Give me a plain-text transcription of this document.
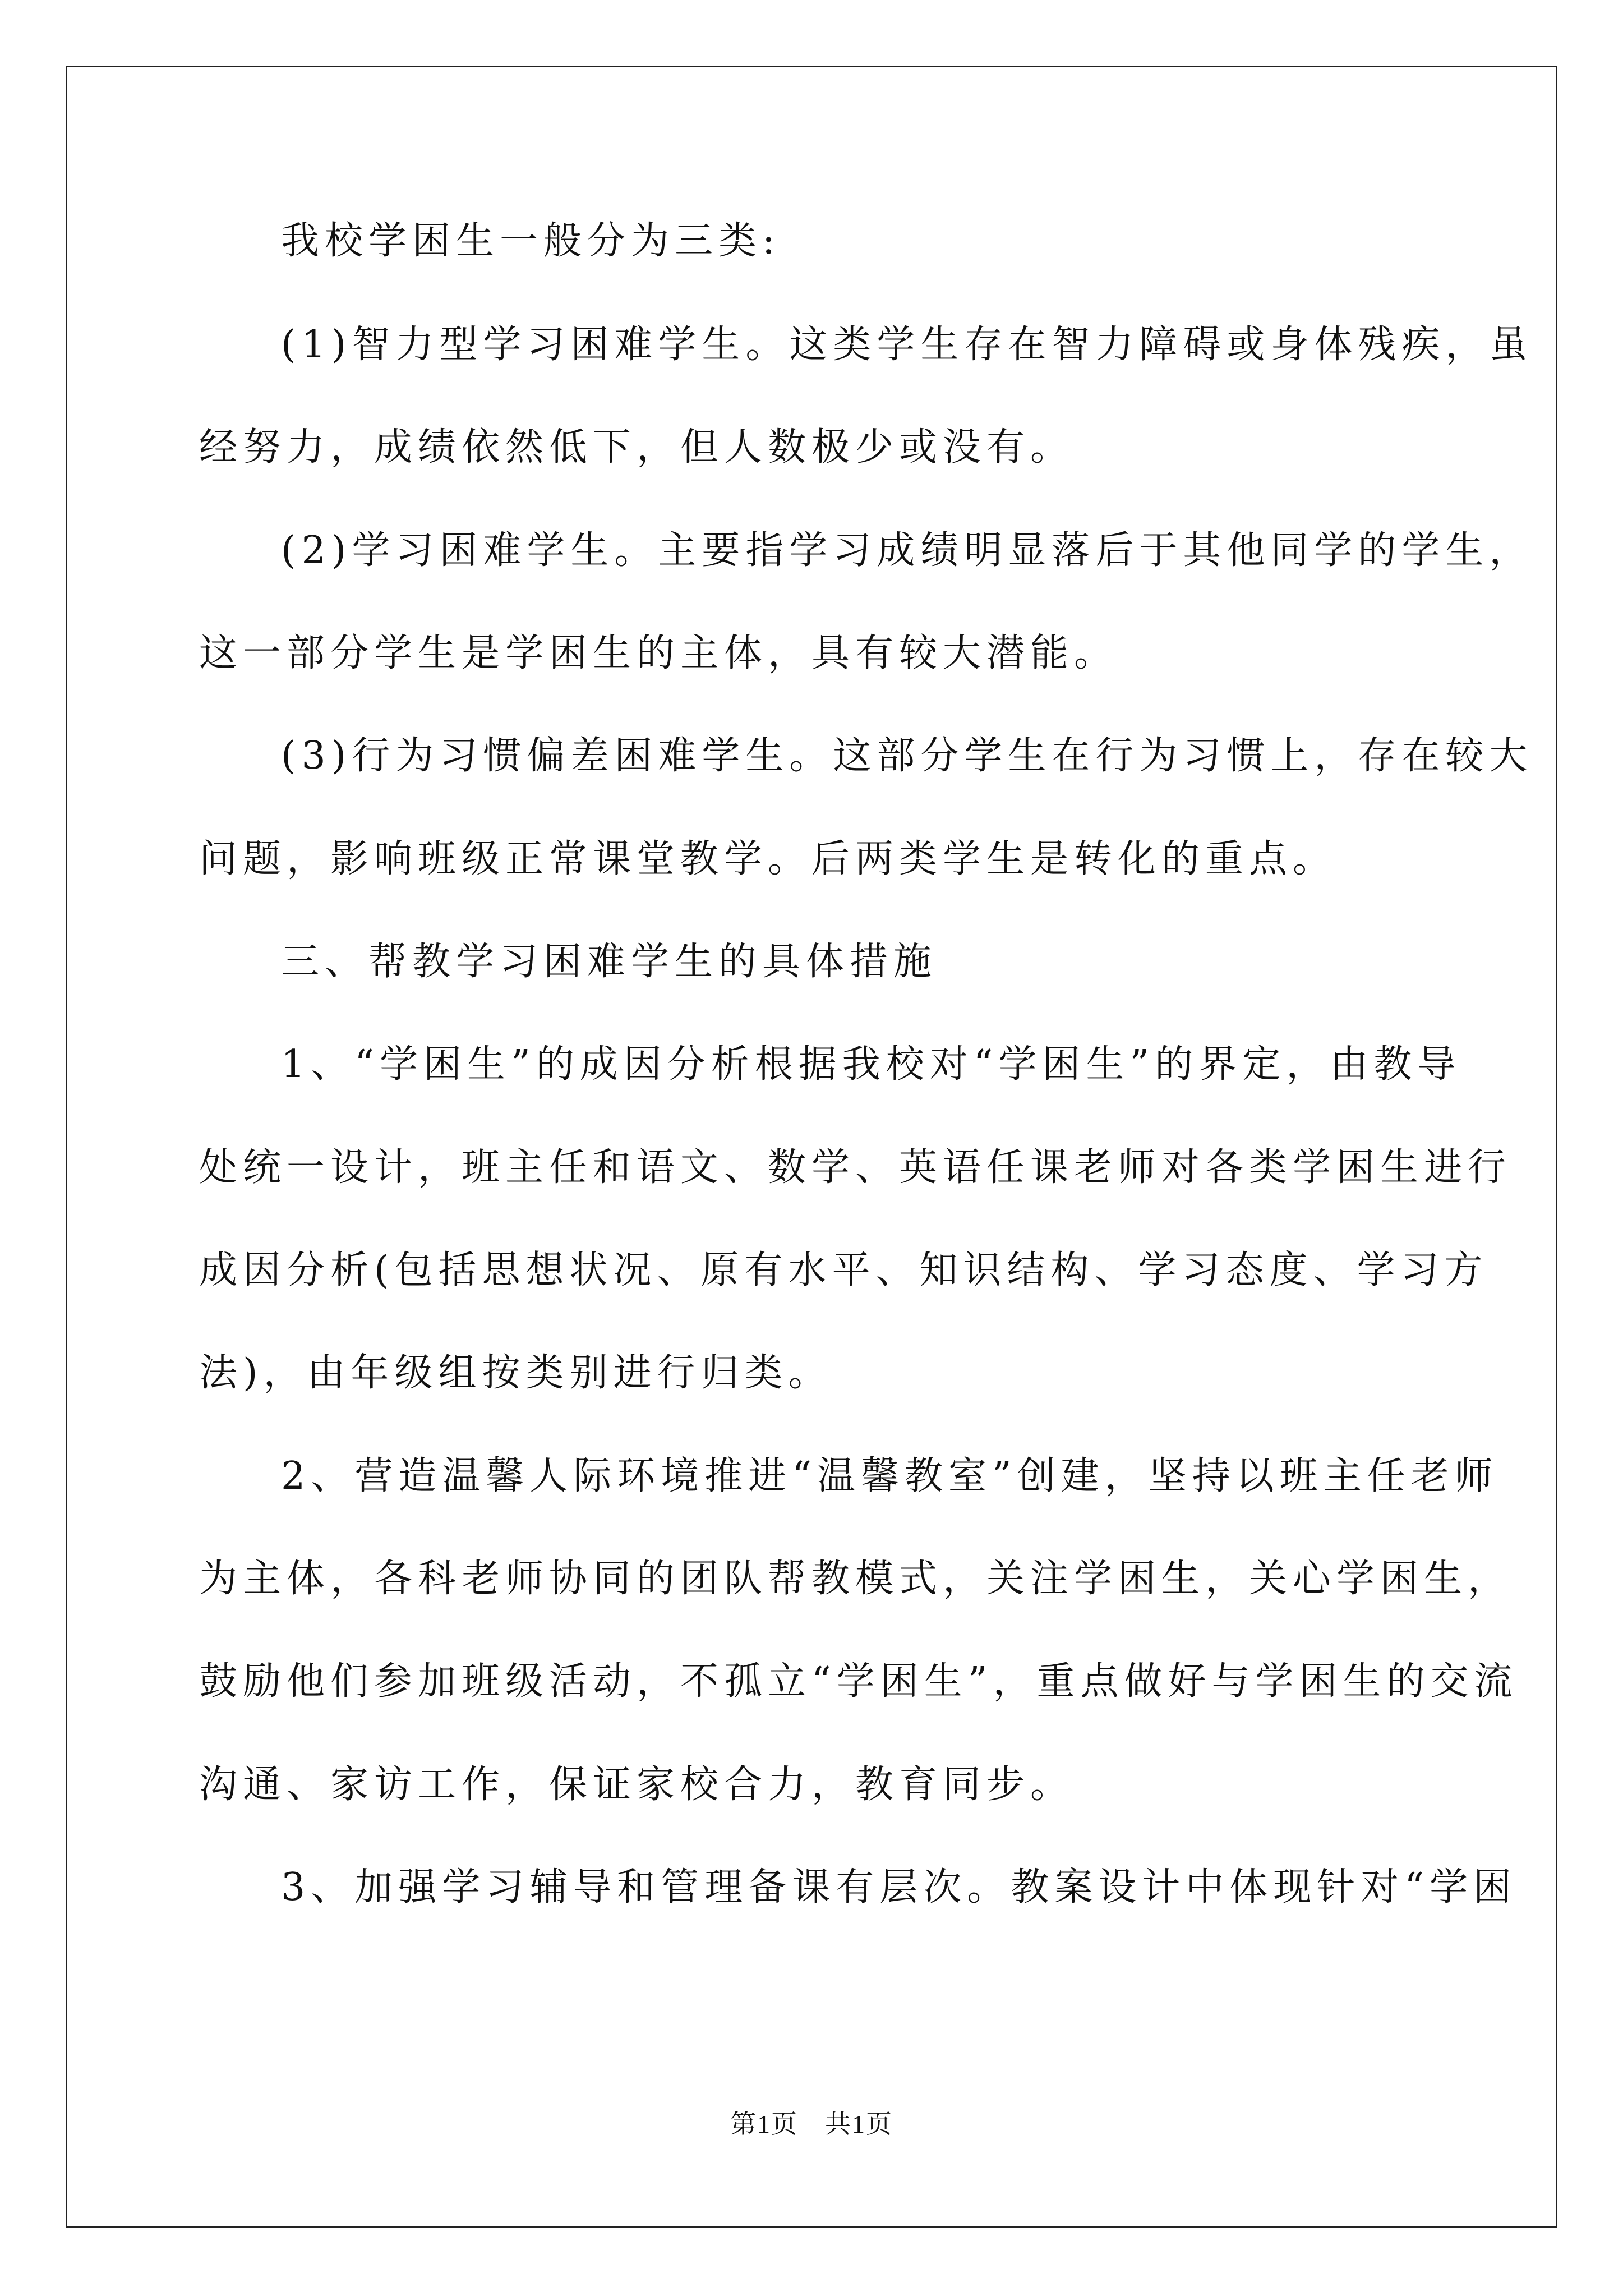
我校学困生一般分为三类:
(1)智力型学习困难学生。这类学生存在智力障碍或身体残疾，虽
经努力，成绩依然低下，但人数极少或没有。
(2)学习困难学生。主要指学习成绩明显落后于其他同学的学生，
这一部分学生是学困生的主体，具有较大潜能。
(3)行为习惯偏差困难学生。这部分学生在行为习惯上，存在较大
问题，影响班级正常课堂教学。后两类学生是转化的重点。
三、帮教学习困难学生的具体措施
1、“学困生”的成因分析根据我校对“学困生”的界定，由教导
处统一设计，班主任和语文、数学、英语任课老师对各类学困生进行
成因分析(包括思想状况、原有水平、知识结构、学习态度、学习方
法)，由年级组按类别进行归类。
2、营造温馨人际环境推进“温馨教室”创建，坚持以班主任老师
为主体，各科老师协同的团队帮教模式，关注学困生，关心学困生，
鼓励他们参加班级活动，不孤立“学困生”，重点做好与学困生的交流
沟通、家访工作，保证家校合力，教育同步。
3、加强学习辅导和管理备课有层次。教案设计中体现针对“学困
第1页　共1页
